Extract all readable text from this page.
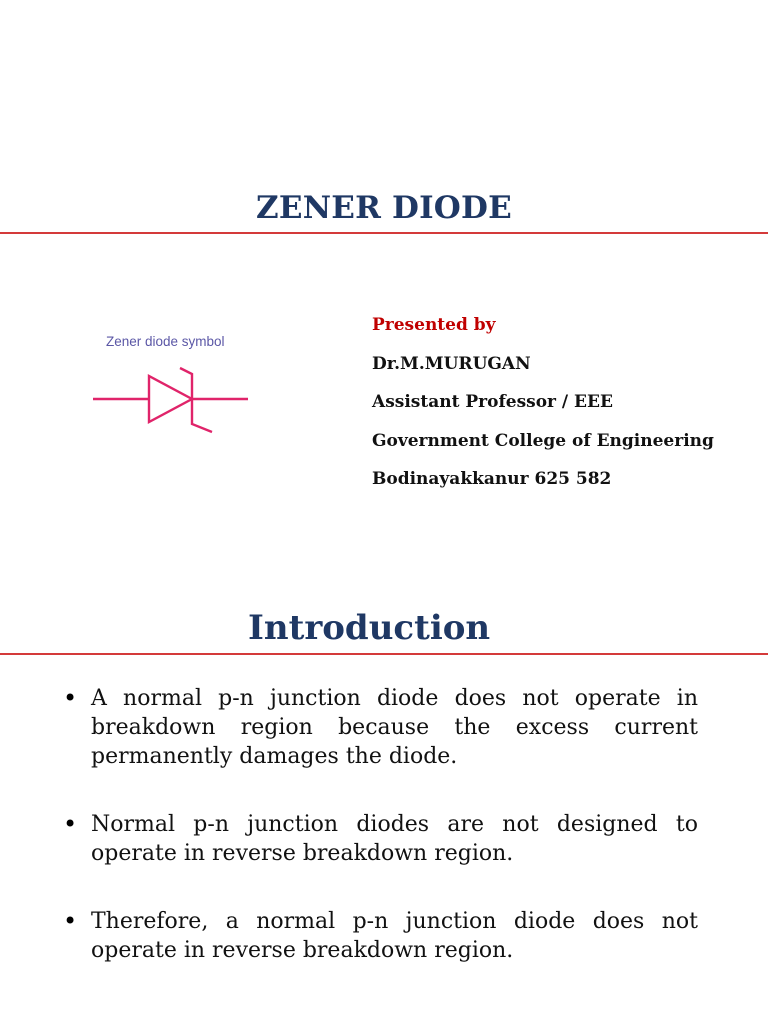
ZENER DIODE
Zener diode symbol
Presented by
Dr.M.MURUGAN
Assistant Professor / EEE
Government College of Engineering
Bodinayakkanur 625 582
Introduction
• A normal p-n junction diode does not operate in breakdown region because the excess current permanently damages the diode.
• Normal p-n junction diodes are not designed to operate in reverse breakdown region.
• Therefore, a normal p-n junction diode does not operate in reverse breakdown region.
